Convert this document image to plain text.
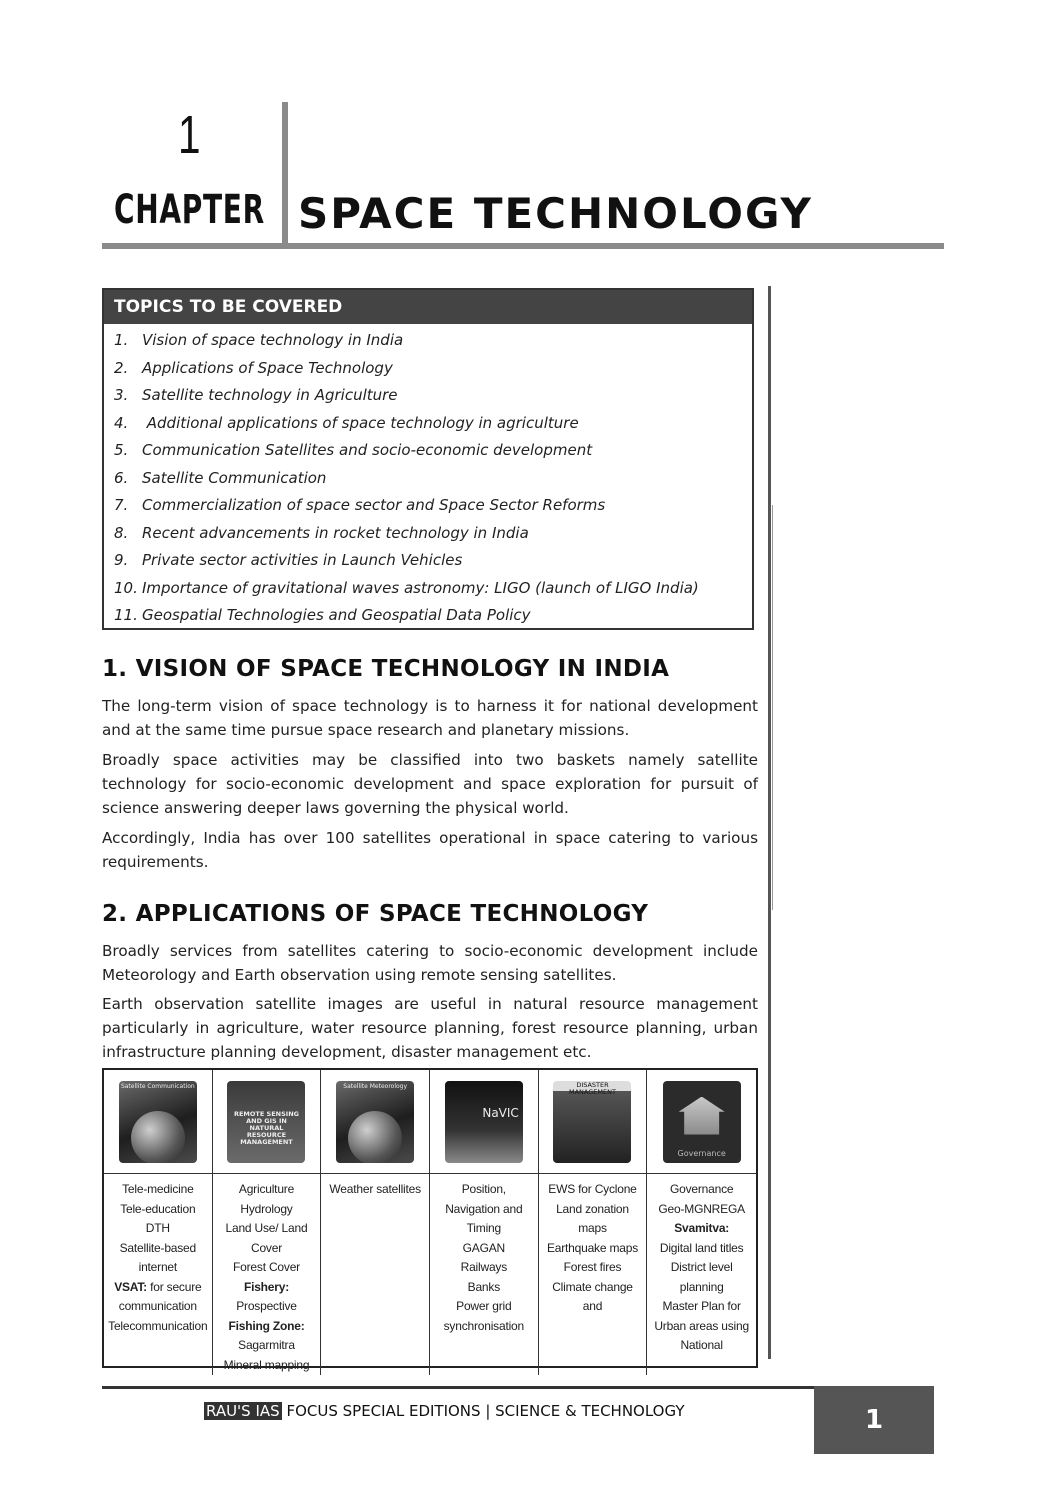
1
CHAPTER SPACE TECHNOLOGY
TOPICS TO BE COVERED
1. Vision of space technology in India
2. Applications of Space Technology
3. Satellite technology in Agriculture
4. Additional applications of space technology in agriculture
5. Communication Satellites and socio-economic development
6. Satellite Communication
7. Commercialization of space sector and Space Sector Reforms
8. Recent advancements in rocket technology in India
9. Private sector activities in Launch Vehicles
10. Importance of gravitational waves astronomy: LIGO (launch of LIGO India)
11. Geospatial Technologies and Geospatial Data Policy
1. VISION OF SPACE TECHNOLOGY IN INDIA

The long-term vision of space technology is to harness it for national development and at the same time pursue space research and planetary missions.

Broadly space activities may be classified into two baskets namely satellite technology for socio-economic development and space exploration for pursuit of science answering deeper laws governing the physical world.

Accordingly, India has over 100 satellites operational in space catering to various requirements.

2. APPLICATIONS OF SPACE TECHNOLOGY

Broadly services from satellites catering to socio-economic development include Meteorology and Earth observation using remote sensing satellites.

Earth observation satellite images are useful in natural resource management particularly in agriculture, water resource planning, forest resource planning, urban infrastructure planning development, disaster management etc.

Satellite Communication
REMOTE SENSING AND GIS IN NATURAL RESOURCE MANAGEMENT
Satellite Meteorology
NaVIC
DISASTER MANAGEMENT
Governance
Tele-medicine
Tele-education
DTH
Satellite-based internet
VSAT: for secure communication
Telecommunication
Agriculture
Hydrology
Land Use/ Land Cover
Forest Cover
Fishery: Prospective
Fishing Zone:
Sagarmitra
Mineral mapping
Weather satellites	Position, Navigation and Timing
GAGAN
Railways
Banks
Power grid synchronisation
EWS for Cyclone
Land zonation maps
Earthquake maps
Forest fires
Climate change and
Governance
Geo-MGNREGA
Svamitva:
Digital land titles
District level planning
Master Plan for Urban areas using National
RAU'S IAS FOCUS SPECIAL EDITIONS | SCIENCE & TECHNOLOGY	1
